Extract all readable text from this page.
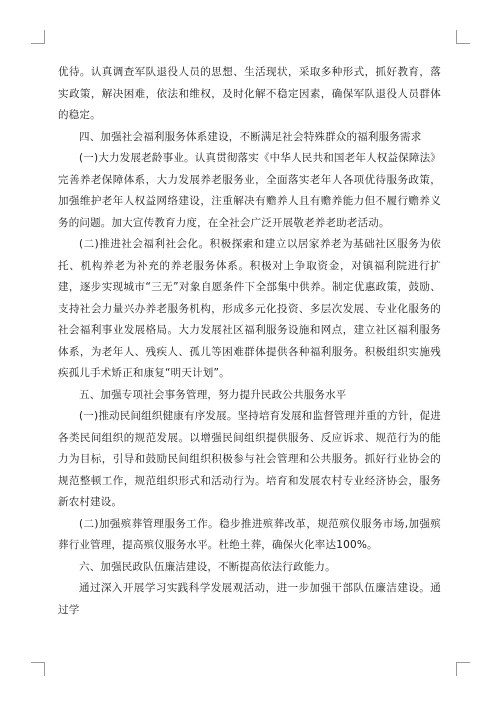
优待。认真调查军队退役人员的思想、生活现状，采取多种形式，抓好教育，落实政策，解决困难，依法和维权，及时化解不稳定因素，确保军队退役人员群体的稳定。

四、加强社会福利服务体系建设，不断满足社会特殊群众的福利服务需求

(一)大力发展老龄事业。认真贯彻落实《中华人民共和国老年人权益保障法》完善养老保障体系，大力发展养老服务业，全面落实老年人各项优待服务政策，加强维护老年人权益网络建设，注重解决有赡养人且有赡养能力但不履行赡养义务的问题。加大宣传教育力度，在全社会广泛开展敬老养老助老活动。

(二)推进社会福利社会化。积极探索和建立以居家养老为基础社区服务为依托、机构养老为补充的养老服务体系。积极对上争取资金，对镇福利院进行扩建，逐步实现城市“三无”对象自愿条件下全部集中供养。制定优惠政策，鼓励、支持社会力量兴办养老服务机构，形成多元化投资、多层次发展、专业化服务的社会福利事业发展格局。大力发展社区福利服务设施和网点，建立社区福利服务体系，为老年人、残疾人、孤儿等困难群体提供各种福利服务。积极组织实施残疾孤儿手术矫正和康复“明天计划”。

五、加强专项社会事务管理，努力提升民政公共服务水平

(一)推动民间组织健康有序发展。坚持培育发展和监督管理并重的方针，促进各类民间组织的规范发展。以增强民间组织提供服务、反应诉求、规范行为的能力为目标，引导和鼓励民间组织积极参与社会管理和公共服务。抓好行业协会的规范整顿工作，规范组织形式和活动行为。培育和发展农村专业经济协会，服务新农村建设。

(二)加强殡葬管理服务工作。稳步推进殡葬改革，规范殡仪服务市场,加强殡葬行业管理，提高殡仪服务水平。杜绝土葬，确保火化率达100%。

六、加强民政队伍廉洁建设，不断提高依法行政能力。

通过深入开展学习实践科学发展观活动，进一步加强干部队伍廉洁建设。通过学
